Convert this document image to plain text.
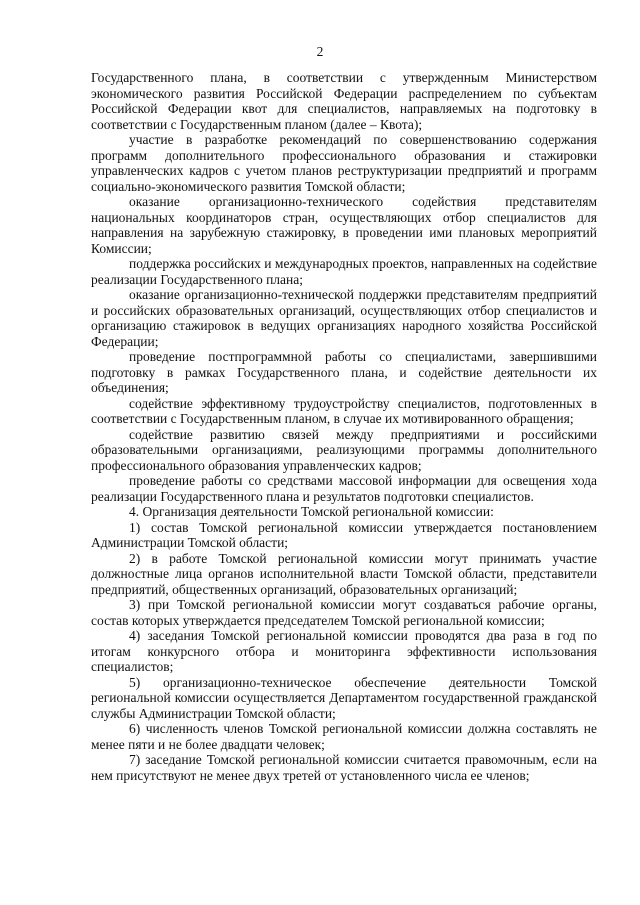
2

Государственного плана, в соответствии с утвержденным Министерством экономического развития Российской Федерации распределением по субъектам Российской Федерации квот для специалистов, направляемых на подготовку в соответствии с Государственным планом (далее – Квота);

участие в разработке рекомендаций по совершенствованию содержания программ дополнительного профессионального образования и стажировки управленческих кадров с учетом планов реструктуризации предприятий и программ социально-экономического развития Томской области;

оказание организационно-технического содействия представителям национальных координаторов стран, осуществляющих отбор специалистов для направления на зарубежную стажировку, в проведении ими плановых мероприятий Комиссии;

поддержка российских и международных проектов, направленных на содействие реализации Государственного плана;

оказание организационно-технической поддержки представителям предприятий и российских образовательных организаций, осуществляющих отбор специалистов и организацию стажировок в ведущих организациях народного хозяйства Российской Федерации;

проведение постпрограммной работы со специалистами, завершившими подготовку в рамках Государственного плана, и содействие деятельности их объединения;

содействие эффективному трудоустройству специалистов, подготовленных в соответствии с Государственным планом, в случае их мотивированного обращения;

содействие развитию связей между предприятиями и российскими образовательными организациями, реализующими программы дополнительного профессионального образования управленческих кадров;

проведение работы со средствами массовой информации для освещения хода реализации Государственного плана и результатов подготовки специалистов.

4. Организация деятельности Томской региональной комиссии:

1) состав Томской региональной комиссии утверждается постановлением Администрации Томской области;

2) в работе Томской региональной комиссии могут принимать участие должностные лица органов исполнительной власти Томской области, представители предприятий, общественных организаций, образовательных организаций;

3) при Томской региональной комиссии могут создаваться рабочие органы, состав которых утверждается председателем Томской региональной комиссии;

4) заседания Томской региональной комиссии проводятся два раза в год по итогам конкурсного отбора и мониторинга эффективности использования специалистов;

5) организационно-техническое обеспечение деятельности Томской региональной комиссии осуществляется Департаментом государственной гражданской службы Администрации Томской области;

6) численность членов Томской региональной комиссии должна составлять не менее пяти и не более двадцати человек;

7) заседание Томской региональной комиссии считается правомочным, если на нем присутствуют не менее двух третей от установленного числа ее членов;
